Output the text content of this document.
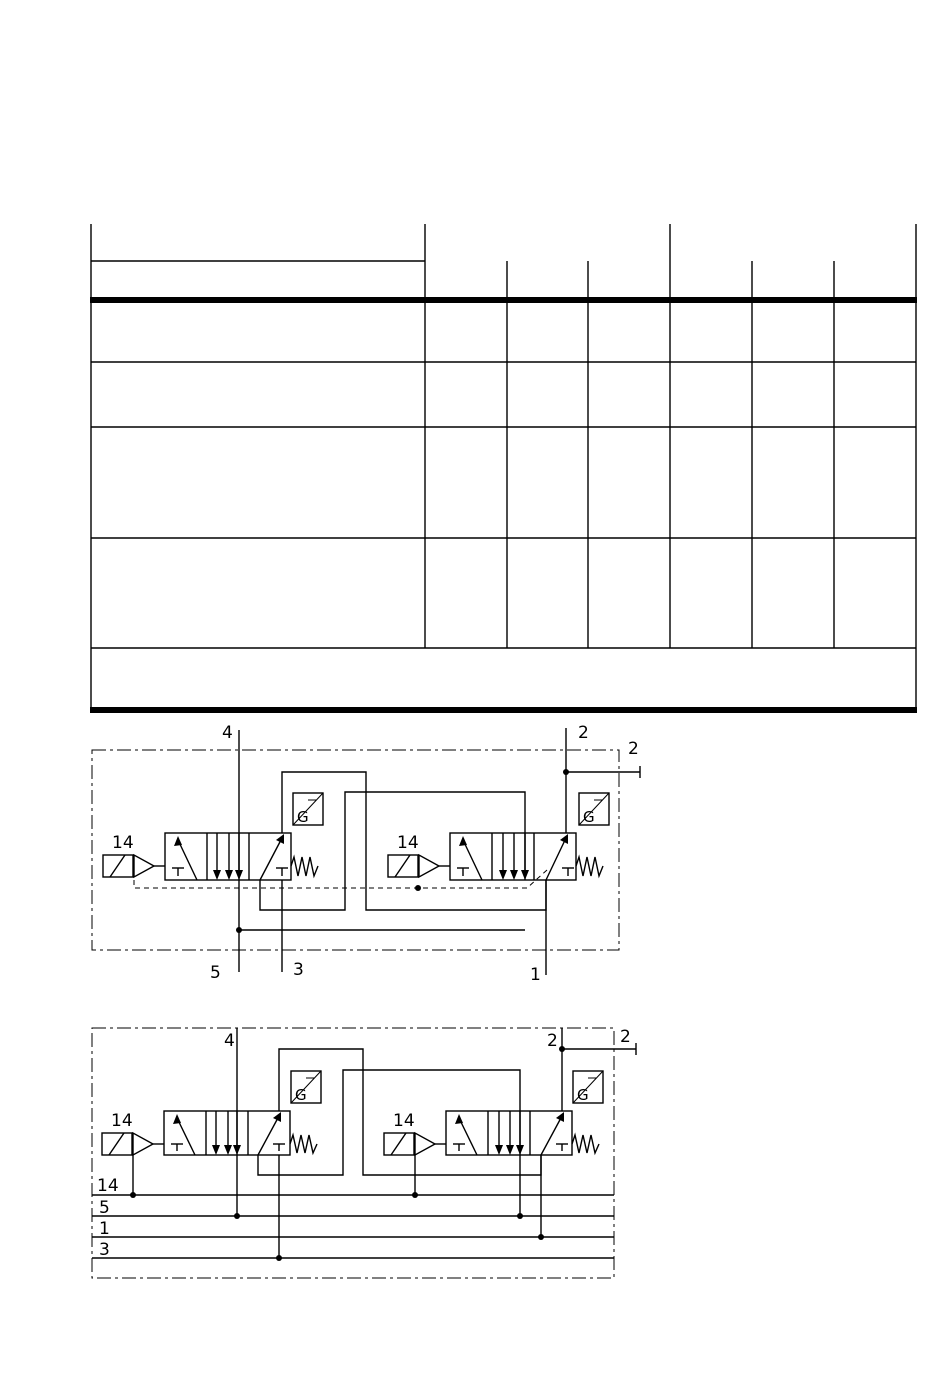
4
5	3
2
2
1
14
G
14
G
4	2	2
14
5
1
3
14
G
14
G
